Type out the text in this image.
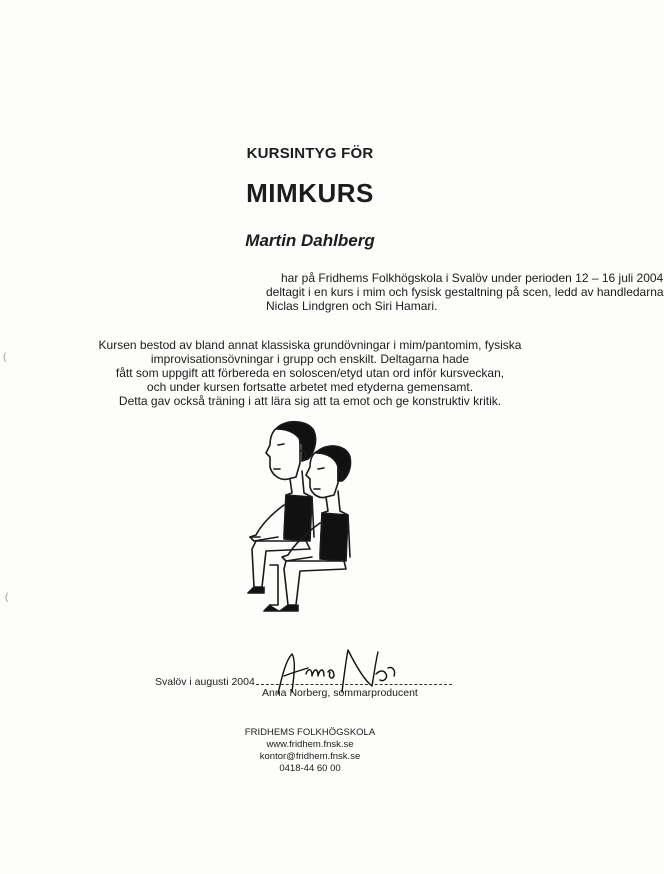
(
(
KURSINTYG FÖR
MIMKURS
Martin Dahlberg

har på Fridhems Folkhögskola i Svalöv under perioden 12 – 16 juli 2004
deltagit i en kurs i mim och fysisk gestaltning på scen, ledd av handledarna
Niclas Lindgren och Siri Hamari.

Kursen bestod av bland annat klassiska grundövningar i mim/pantomim, fysiska
improvisationsövningar i grupp och enskilt. Deltagarna hade
fått som uppgift att förbereda en soloscen/etyd utan ord inför kursveckan,
och under kursen fortsatte arbetet med etyderna gemensamt.
Detta gav också träning i att lära sig att ta emot och ge konstruktiv kritik.

Svalöv i augusti 2004
Anna Norberg, sommarproducent
FRIDHEMS FOLKHÖGSKOLA
www.fridhem.fnsk.se
kontor@fridhem.fnsk.se
0418-44 60 00
